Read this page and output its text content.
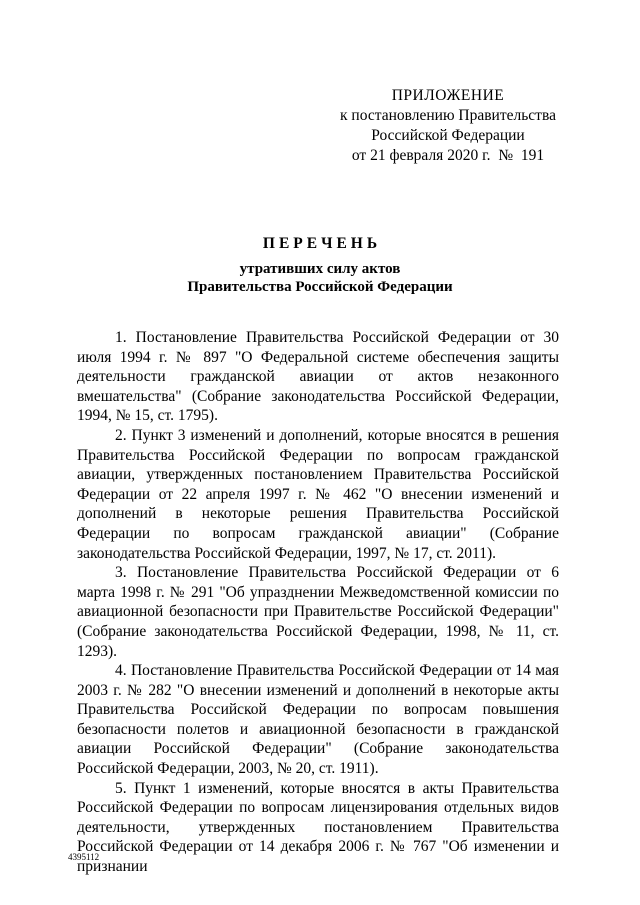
ПРИЛОЖЕНИЕ
к постановлению Правительства
Российской Федерации
от 21 февраля 2020 г. №  191
ПЕРЕЧЕНЬ
утративших силу актов
Правительства Российской Федерации

1. Постановление Правительства Российской Федерации от 30 июля 1994 г. № 897 "О Федеральной системе обеспечения защиты деятельности гражданской авиации от актов незаконного вмешательства" (Собрание законодательства Российской Федерации, 1994, № 15, ст. 1795).

2. Пункт 3 изменений и дополнений, которые вносятся в решения Правительства Российской Федерации по вопросам гражданской авиации, утвержденных постановлением Правительства Российской Федерации от 22 апреля 1997 г. № 462 "О внесении изменений и дополнений в некоторые решения Правительства Российской Федерации по вопросам гражданской авиации" (Собрание законодательства Российской Федерации, 1997, № 17, ст. 2011).

3. Постановление Правительства Российской Федерации от 6 марта 1998 г. № 291 "Об упразднении Межведомственной комиссии по авиационной безопасности при Правительстве Российской Федерации" (Собрание законодательства Российской Федерации, 1998, № 11, ст. 1293).

4. Постановление Правительства Российской Федерации от 14 мая 2003 г. № 282 "О внесении изменений и дополнений в некоторые акты Правительства Российской Федерации по вопросам повышения безопасности полетов и авиационной безопасности в гражданской авиации Российской Федерации" (Собрание законодательства Российской Федерации, 2003, № 20, ст. 1911).

5. Пункт 1 изменений, которые вносятся в акты Правительства Российской Федерации по вопросам лицензирования отдельных видов деятельности, утвержденных постановлением Правительства Российской Федерации от 14 декабря 2006 г. № 767 "Об изменении и признании

4395112
